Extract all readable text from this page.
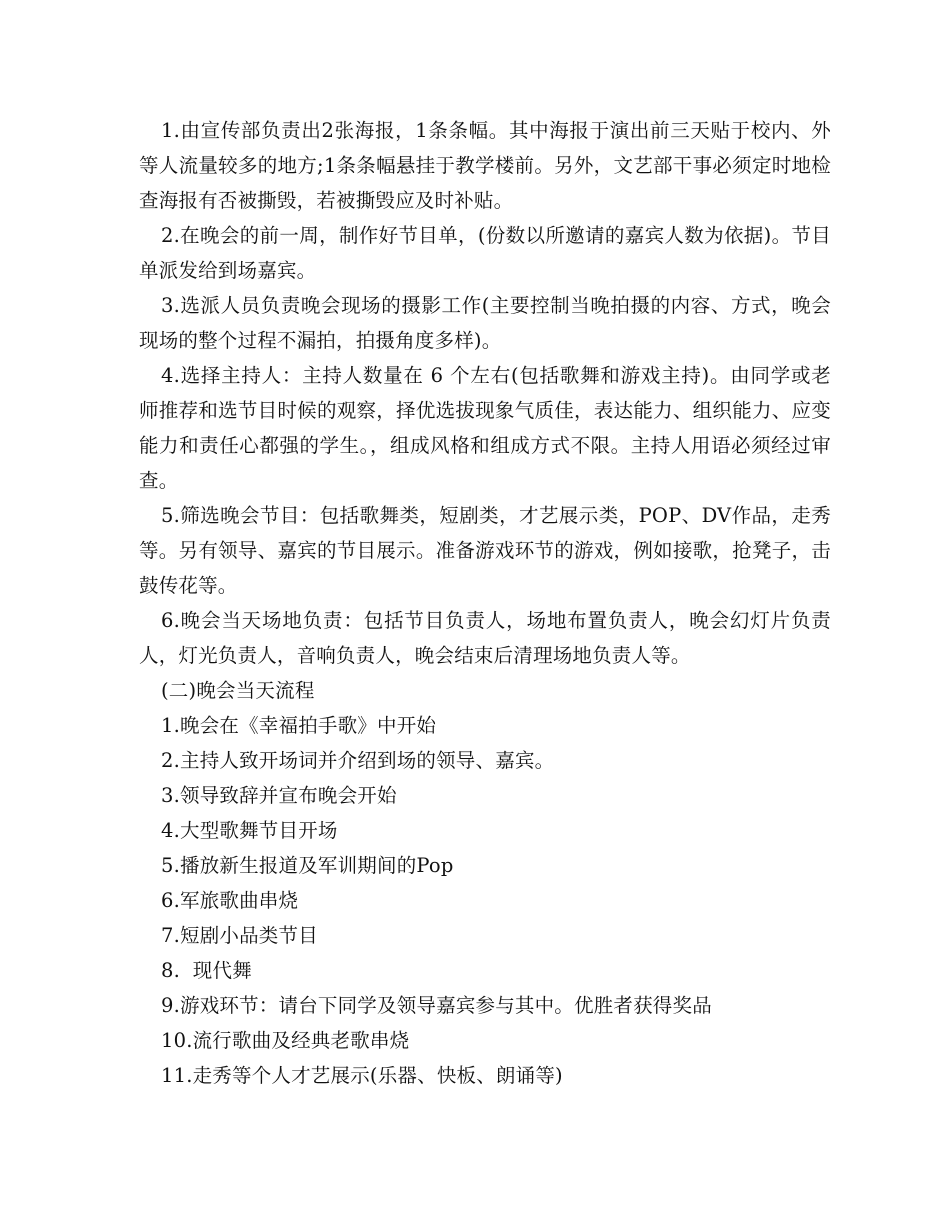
1.由宣传部负责出2张海报，1条条幅。其中海报于演出前三天贴于校内、外等人流量较多的地方;1条条幅悬挂于教学楼前。另外，文艺部干事必须定时地检查海报有否被撕毁，若被撕毁应及时补贴。

2.在晚会的前一周，制作好节目单，(份数以所邀请的嘉宾人数为依据)。节目单派发给到场嘉宾。

3.选派人员负责晚会现场的摄影工作(主要控制当晚拍摄的内容、方式，晚会现场的整个过程不漏拍，拍摄角度多样)。

4.选择主持人：主持人数量在 6 个左右(包括歌舞和游戏主持)。由同学或老师推荐和选节目时候的观察，择优选拔现象气质佳，表达能力、组织能力、应变能力和责任心都强的学生。，组成风格和组成方式不限。主持人用语必须经过审查。

5.筛选晚会节目：包括歌舞类，短剧类，才艺展示类，POP、DV作品，走秀等。另有领导、嘉宾的节目展示。准备游戏环节的游戏，例如接歌，抢凳子，击鼓传花等。

6.晚会当天场地负责：包括节目负责人，场地布置负责人，晚会幻灯片负责人，灯光负责人，音响负责人，晚会结束后清理场地负责人等。

(二)晚会当天流程

1.晚会在《幸福拍手歌》中开始

2.主持人致开场词并介绍到场的领导、嘉宾。

3.领导致辞并宣布晚会开始

4.大型歌舞节目开场

5.播放新生报道及军训期间的Pop

6.军旅歌曲串烧

7.短剧小品类节目

8.  现代舞

9.游戏环节：请台下同学及领导嘉宾参与其中。优胜者获得奖品

10.流行歌曲及经典老歌串烧

11.走秀等个人才艺展示(乐器、快板、朗诵等)
